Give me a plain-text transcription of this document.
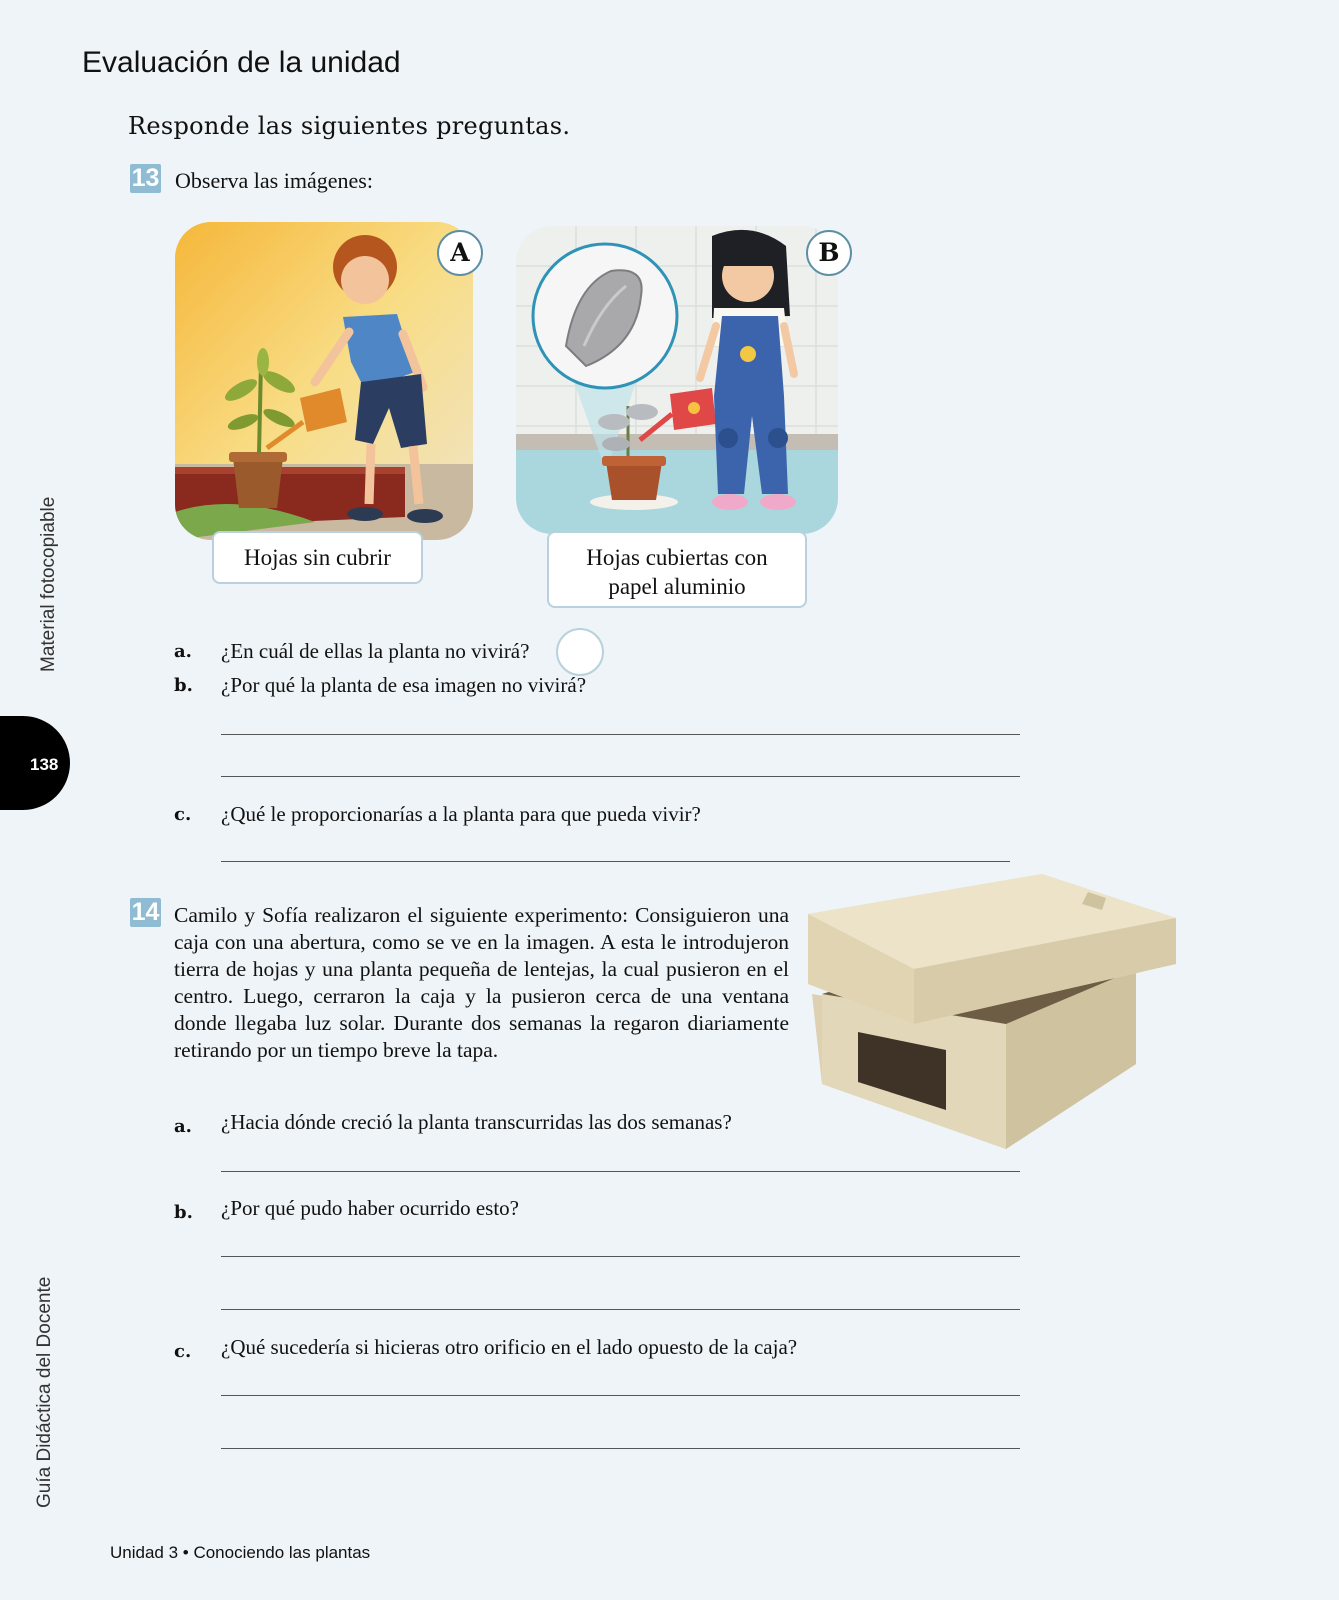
Evaluación de la unidad
Responde las siguientes preguntas.
Material fotocopiable
138
Guía Didáctica del Docente
13 Observa las imágenes:
A
Hojas sin cubrir
B
Hojas cubiertas con
papel aluminio
a. ¿En cuál de ellas la planta no vivirá?
b. ¿Por qué la planta de esa imagen no vivirá?
c. ¿Qué le proporcionarías a la planta para que pueda vivir?
14 Camilo y Sofía realizaron el siguiente experimento: Consiguieron una caja con una abertura, como se ve en la imagen. A esta le introdujeron tierra de hojas y una planta pequeña de lentejas, la cual pusieron en el centro. Luego, cerraron la caja y la pusieron cerca de una ventana donde llegaba luz solar. Durante dos semanas la regaron diariamente retirando por un tiempo breve la tapa.
a. ¿Hacia dónde creció la planta transcurridas las dos semanas?
b. ¿Por qué pudo haber ocurrido esto?
c. ¿Qué sucedería si hicieras otro orificio en el lado opuesto de la caja?
Unidad 3 • Conociendo las plantas
